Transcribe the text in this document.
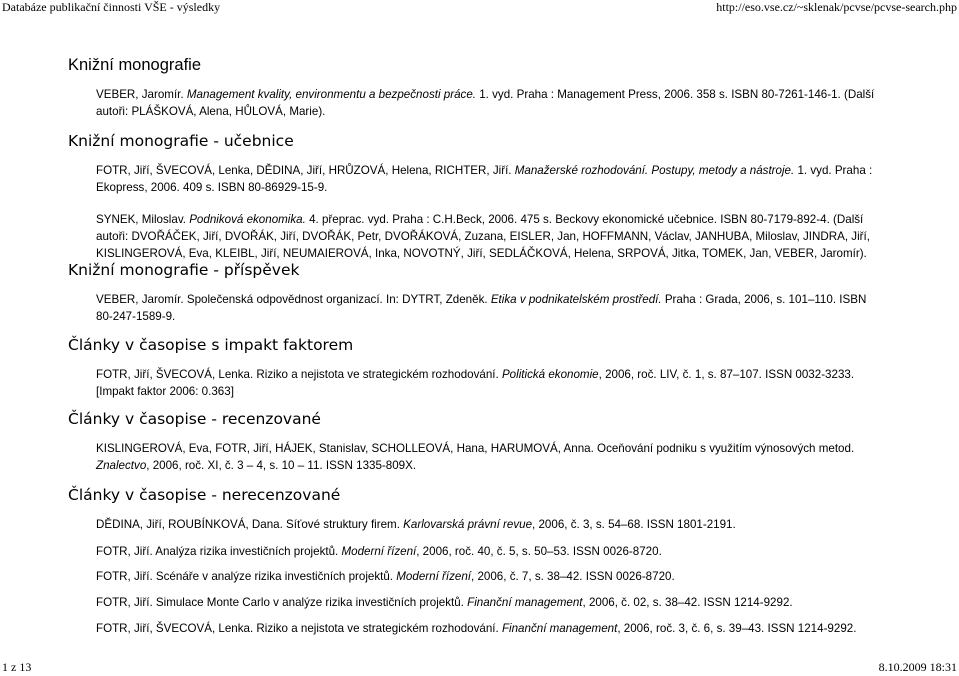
Databáze publikační činnosti VŠE - výsledky	http://eso.vse.cz/~sklenak/pcvse/pcvse-search.php
Knižní monografie

VEBER, Jaromír. Management kvality, environmentu a bezpečnosti práce. 1. vyd. Praha : Management Press, 2006. 358 s. ISBN 80-7261-146-1. (Další autoři: PLÁŠKOVÁ, Alena, HŮLOVÁ, Marie).

Knižní monografie - učebnice

FOTR, Jiří, ŠVECOVÁ, Lenka, DĚDINA, Jiří, HRŮZOVÁ, Helena, RICHTER, Jiří. Manažerské rozhodování. Postupy, metody a nástroje. 1. vyd. Praha : Ekopress, 2006. 409 s. ISBN 80-86929-15-9.

SYNEK, Miloslav. Podniková ekonomika. 4. přeprac. vyd. Praha : C.H.Beck, 2006. 475 s. Beckovy ekonomické učebnice. ISBN 80-7179-892-4. (Další autoři: DVOŘÁČEK, Jiří, DVOŘÁK, Jiří, DVOŘÁK, Petr, DVOŘÁKOVÁ, Zuzana, EISLER, Jan, HOFFMANN, Václav, JANHUBA, Miloslav, JINDRA, Jiří, KISLINGEROVÁ, Eva, KLEIBL, Jiří, NEUMAIEROVÁ, Inka, NOVOTNÝ, Jiří, SEDLÁČKOVÁ, Helena, SRPOVÁ, Jitka, TOMEK, Jan, VEBER, Jaromír).

Knižní monografie - příspěvek

VEBER, Jaromír. Společenská odpovědnost organizací. In: DYTRT, Zdeněk. Etika v podnikatelském prostředí. Praha : Grada, 2006, s. 101–110. ISBN 80-247-1589-9.

Články v časopise s impakt faktorem

FOTR, Jiří, ŠVECOVÁ, Lenka. Riziko a nejistota ve strategickém rozhodování. Politická ekonomie, 2006, roč. LIV, č. 1, s. 87–107. ISSN 0032-3233. [Impakt faktor 2006: 0.363]

Články v časopise - recenzované

KISLINGEROVÁ, Eva, FOTR, Jiří, HÁJEK, Stanislav, SCHOLLEOVÁ, Hana, HARUMOVÁ, Anna. Oceňování podniku s využitím výnosových metod. Znalectvo, 2006, roč. XI, č. 3 – 4, s. 10 – 11. ISSN 1335-809X.

Články v časopise - nerecenzované

DĚDINA, Jiří, ROUBÍNKOVÁ, Dana. Síťové struktury firem. Karlovarská právní revue, 2006, č. 3, s. 54–68. ISSN 1801-2191.

FOTR, Jiří. Analýza rizika investičních projektů. Moderní řízení, 2006, roč. 40, č. 5, s. 50–53. ISSN 0026-8720.

FOTR, Jiří. Scénáře v analýze rizika investičních projektů. Moderní řízení, 2006, č. 7, s. 38–42. ISSN 0026-8720.

FOTR, Jiří. Simulace Monte Carlo v analýze rizika investičních projektů. Finanční management, 2006, č. 02, s. 38–42. ISSN 1214-9292.

FOTR, Jiří, ŠVECOVÁ, Lenka. Riziko a nejistota ve strategickém rozhodování. Finanční management, 2006, roč. 3, č. 6, s. 39–43. ISSN 1214-9292.

1 z 13	8.10.2009 18:31
